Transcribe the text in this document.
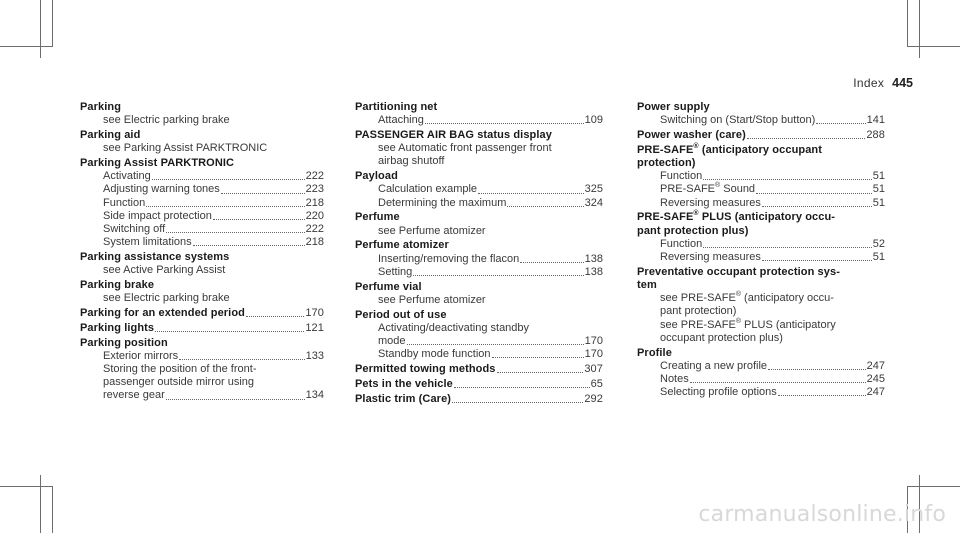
Index 445
Parking
see Electric parking brake
Parking aid
see Parking Assist PARKTRONIC
Parking Assist PARKTRONIC
Activating	222
Adjusting warning tones	223
Function	218
Side impact protection	220
Switching off	222
System limitations	218
Parking assistance systems
see Active Parking Assist
Parking brake
see Electric parking brake
Parking for an extended period	170
Parking lights	121
Parking position
Exterior mirrors	133
Storing the position of the front-
passenger outside mirror using
reverse gear	134
Partitioning net
Attaching	109
PASSENGER AIR BAG status display
see Automatic front passenger front
airbag shutoff
Payload
Calculation example	325
Determining the maximum	324
Perfume
see Perfume atomizer
Perfume atomizer
Inserting/removing the flacon	138
Setting	138
Perfume vial
see Perfume atomizer
Period out of use
Activating/deactivating standby
mode	170
Standby mode function	170
Permitted towing methods	307
Pets in the vehicle	65
Plastic trim (Care)	292
Power supply
Switching on (Start/Stop button)	141
Power washer (care)	288
PRE-SAFE® (anticipatory occupant
protection)
Function	51
PRE-SAFE® Sound	51
Reversing measures	51
PRE-SAFE® PLUS (anticipatory occu-
pant protection plus)
Function	52
Reversing measures	51
Preventative occupant protection sys-
tem
see PRE-SAFE® (anticipatory occu-
pant protection)
see PRE-SAFE® PLUS (anticipatory
occupant protection plus)
Profile
Creating a new profile	247
Notes	245
Selecting profile options	247
carmanualsonline.info
